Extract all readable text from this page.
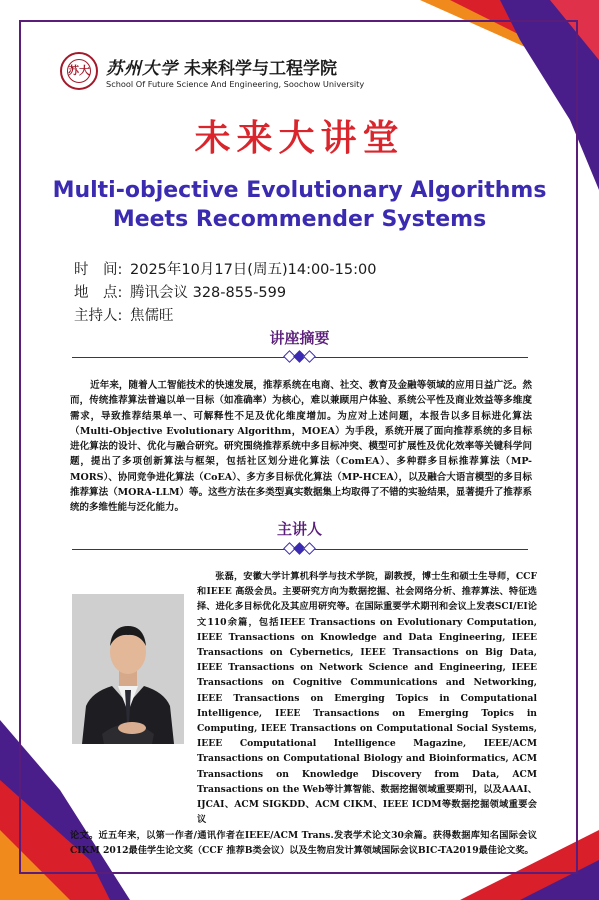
苏大 苏州大学 未来科学与工程学院
School Of Future Science And Engineering, Soochow University
未来大讲堂
Multi-objective Evolutionary Algorithms Meets Recommender Systems
时　间: 2025年10月17日(周五)14:00-15:00
地　点: 腾讯会议 328-855-599
主持人: 焦儒旺
讲座摘要
近年来，随着人工智能技术的快速发展，推荐系统在电商、社交、教育及金融等领域的应用日益广泛。然而，传统推荐算法普遍以单一目标（如准确率）为核心，难以兼顾用户体验、系统公平性及商业效益等多维度需求，导致推荐结果单一、可解释性不足及优化维度增加。为应对上述问题，本报告以多目标进化算法（Multi-Objective Evolutionary Algorithm，MOEA）为手段，系统开展了面向推荐系统的多目标进化算法的设计、优化与融合研究。研究围绕推荐系统中多目标冲突、模型可扩展性及优化效率等关键科学问题，提出了多项创新算法与框架，包括社区划分进化算法（ComEA）、多种群多目标推荐算法（MP-MORS）、协同竞争进化算法（CoEA）、多方多目标优化算法（MP-HCEA），以及融合大语言模型的多目标推荐算法（MORA-LLM）等。这些方法在多类型真实数据集上均取得了不错的实验结果，显著提升了推荐系统的多维性能与泛化能力。
主讲人
张磊，安徽大学计算机科学与技术学院，副教授，博士生和硕士生导师，CCF和IEEE 高级会员。主要研究方向为数据挖掘、社会网络分析、推荐算法、特征选择、进化多目标优化及其应用研究等。在国际重要学术期刊和会议上发表SCI/EI论文110余篇，包括IEEE Transactions on Evolutionary Computation, IEEE Transactions on Knowledge and Data Engineering, IEEE Transactions on Cybernetics, IEEE Transactions on Big Data, IEEE Transactions on Network Science and Engineering, IEEE Transactions on Cognitive Communications and Networking, IEEE Transactions on Emerging Topics in Computational Intelligence, IEEE Transactions on Emerging Topics in Computing, IEEE Transactions on Computational Social Systems, IEEE Computational Intelligence Magazine, IEEE/ACM Transactions on Computational Biology and Bioinformatics, ACM Transactions on Knowledge Discovery from Data, ACM Transactions on the Web等计算智能、数据挖掘领域重要期刊，以及AAAI、IJCAI、ACM SIGKDD、ACM CIKM、IEEE ICDM等数据挖掘领域重要会议
论文。近五年来，以第一作者/通讯作者在IEEE/ACM Trans.发表学术论文30余篇。获得数据库知名国际会议CIKM 2012最佳学生论文奖（CCF 推荐B类会议）以及生物启发计算领域国际会议BIC-TA2019最佳论文奖。
